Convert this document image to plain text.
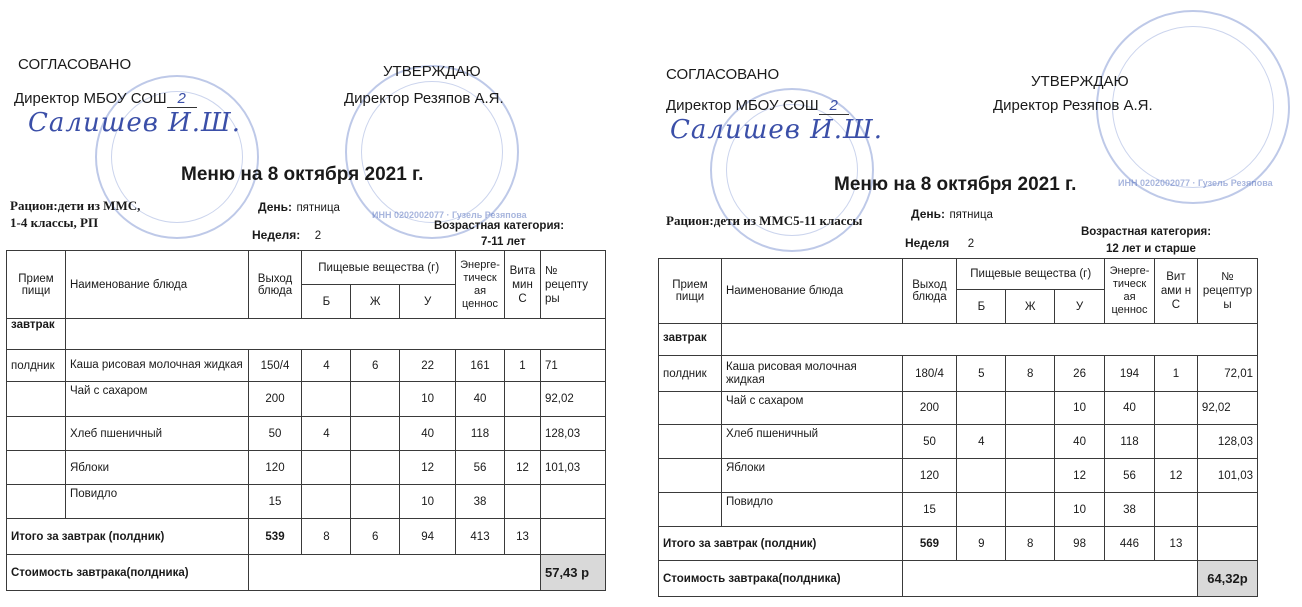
ИНН 0202002077 · Гузель Резяпова
СОГЛАСОВАНО
Директор МБОУ СОШ 2
Салишев И.Ш.
УТВЕРЖДАЮ
Директор Резяпов А.Я.
Меню на 8 октября 2021 г.
Рацион:дети из ММС,
1-4 классы, РП
День: пятница
Неделя: 2
Возрастная категория:
7-11 лет
Прием пищи	Наименование блюда	Выход блюда	Пищевые вещества (г)			Энерге-тическ ая ценнос	Вита мин С	№ рецепту ры
			Б	Ж	У			
завтрак								
полдник	Каша рисовая молочная жидкая	150/4	4	6	22	161	1	71
	Чай с сахаром	200			10	40		92,02
	Хлеб пшеничный	50	4		40	118		128,03
	Яблоки	120			12	56	12	101,03
	Повидло	15			10	38		
Итого за завтрак (полдник)		539	8	6	94	413	13	
Стоимость завтрака(полдника)								57,43 р
ИНН 0202002077 · Гузель Резяпова
СОГЛАСОВАНО
Директор МБОУ СОШ 2
Салишев И.Ш.
УТВЕРЖДАЮ
Директор Резяпов А.Я.
Меню на 8 октября 2021 г.
Рацион:дети из ММС5-11 классы	День: пятница
Неделя 2
Возрастная категория:
12 лет и старше
Прием пищи	Наименование блюда	Выход блюда	Пищевые вещества (г)			Энерге-тическ ая ценнос	Вит ами н С	№ рецептур ы
			Б	Ж	У			
завтрак								
полдник	Каша рисовая молочная жидкая	180/4	5	8	26	194	1	72,01
	Чай с сахаром	200			10	40		92,02
	Хлеб пшеничный	50	4		40	118		128,03
	Яблоки	120			12	56	12	101,03
	Повидло	15			10	38		
Итого за завтрак (полдник)		569	9	8	98	446	13	
Стоимость завтрака(полдника)								64,32р
